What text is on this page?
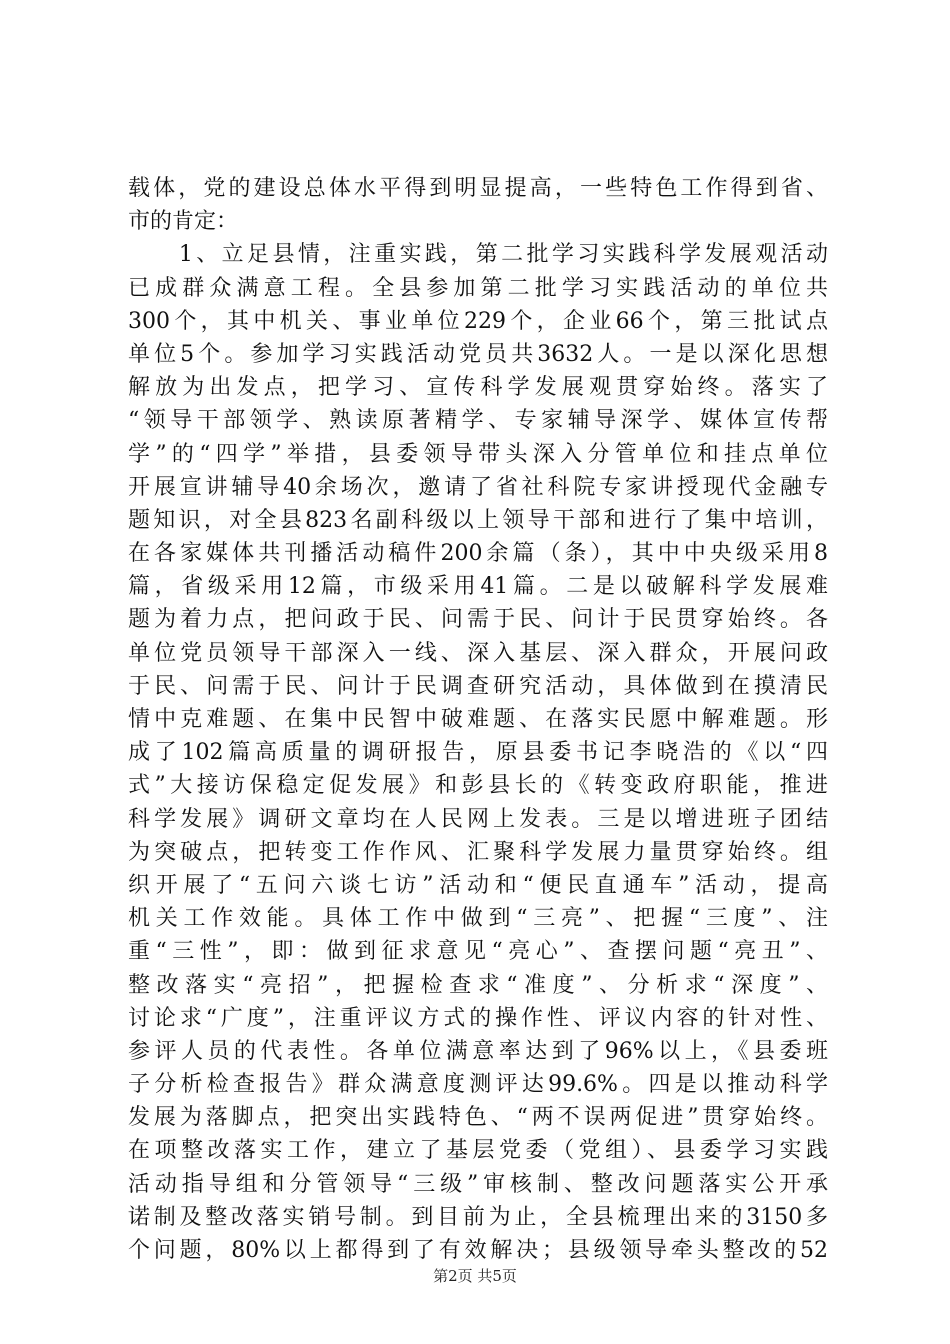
载体，党的建设总体水平得到明显提高，一些特色工作得到省、
市的肯定：
　　1、立足县情，注重实践，第二批学习实践科学发展观活动
已成群众满意工程。全县参加第二批学习实践活动的单位共
300个，其中机关、事业单位229个，企业66个，第三批试点
单位5个。参加学习实践活动党员共3632人。一是以深化思想
解放为出发点，把学习、宣传科学发展观贯穿始终。落实了
“领导干部领学、熟读原著精学、专家辅导深学、媒体宣传帮
学”的“四学”举措，县委领导带头深入分管单位和挂点单位
开展宣讲辅导40余场次，邀请了省社科院专家讲授现代金融专
题知识，对全县823名副科级以上领导干部和进行了集中培训，
在各家媒体共刊播活动稿件200余篇（条），其中中央级采用8
篇，省级采用12篇，市级采用41篇。二是以破解科学发展难
题为着力点，把问政于民、问需于民、问计于民贯穿始终。各
单位党员领导干部深入一线、深入基层、深入群众，开展问政
于民、问需于民、问计于民调查研究活动，具体做到在摸清民
情中克难题、在集中民智中破难题、在落实民愿中解难题。形
成了102篇高质量的调研报告，原县委书记李晓浩的《以“四
式”大接访保稳定促发展》和彭县长的《转变政府职能，推进
科学发展》调研文章均在人民网上发表。三是以增进班子团结
为突破点，把转变工作作风、汇聚科学发展力量贯穿始终。组
织开展了“五问六谈七访”活动和“便民直通车”活动，提高
机关工作效能。具体工作中做到“三亮”、把握“三度”、注
重“三性”，即：做到征求意见“亮心”、查摆问题“亮丑”、
整改落实“亮招”，把握检查求“准度”、分析求“深度”、
讨论求“广度”，注重评议方式的操作性、评议内容的针对性、
参评人员的代表性。各单位满意率达到了96%以上，《县委班
子分析检查报告》群众满意度测评达99.6%。四是以推动科学
发展为落脚点，把突出实践特色、“两不误两促进”贯穿始终。
在项整改落实工作，建立了基层党委（党组）、县委学习实践
活动指导组和分管领导“三级”审核制、整改问题落实公开承
诺制及整改落实销号制。到目前为止，全县梳理出来的3150多
个问题，80%以上都得到了有效解决；县级领导牵头整改的52
第2页 共5页
